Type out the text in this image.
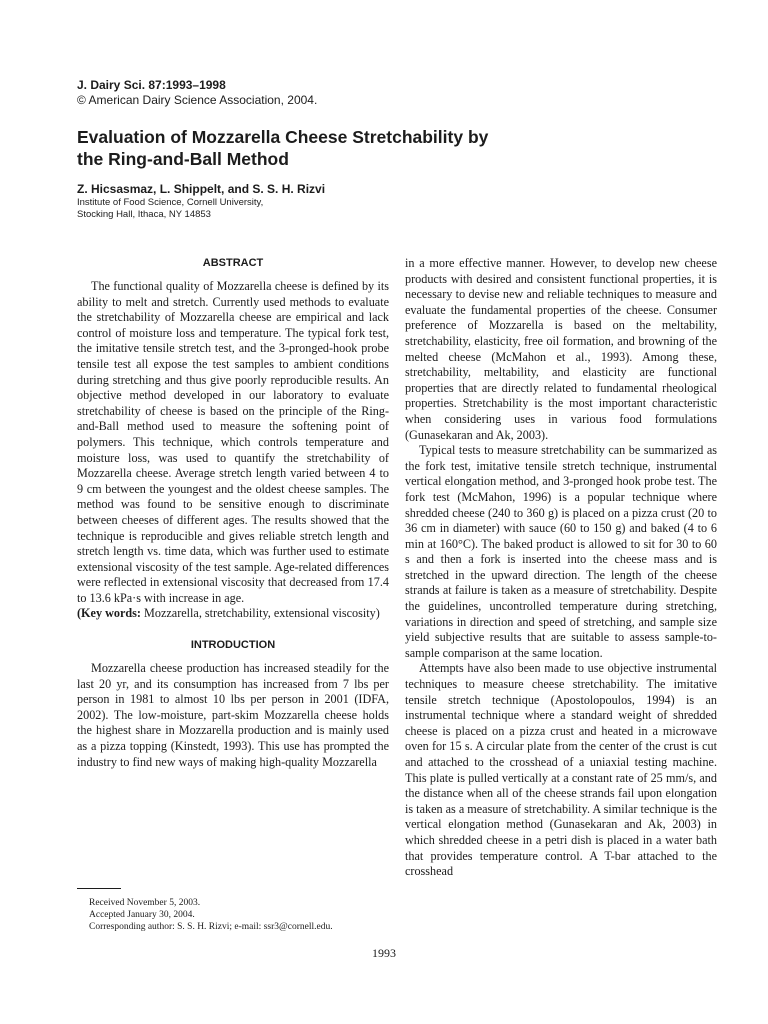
J. Dairy Sci. 87:1993–1998
© American Dairy Science Association, 2004.
Evaluation of Mozzarella Cheese Stretchability by the Ring-and-Ball Method
Z. Hicsasmaz, L. Shippelt, and S. S. H. Rizvi
Institute of Food Science, Cornell University,
Stocking Hall, Ithaca, NY 14853
ABSTRACT

The functional quality of Mozzarella cheese is defined by its ability to melt and stretch. Currently used methods to evaluate the stretchability of Mozzarella cheese are empirical and lack control of moisture loss and temperature. The typical fork test, the imitative tensile stretch test, and the 3-pronged-hook probe tensile test all expose the test samples to ambient conditions during stretching and thus give poorly reproducible results. An objective method developed in our laboratory to evaluate stretchability of cheese is based on the principle of the Ring-and-Ball method used to measure the softening point of polymers. This technique, which controls temperature and moisture loss, was used to quantify the stretchability of Mozzarella cheese. Average stretch length varied between 4 to 9 cm between the youngest and the oldest cheese samples. The method was found to be sensitive enough to discriminate between cheeses of different ages. The results showed that the technique is reproducible and gives reliable stretch length and stretch length vs. time data, which was further used to estimate extensional viscosity of the test sample. Age-related differences were reflected in extensional viscosity that decreased from 17.4 to 13.6 kPa·s with increase in age.

(Key words: Mozzarella, stretchability, extensional viscosity)

INTRODUCTION

Mozzarella cheese production has increased steadily for the last 20 yr, and its consumption has increased from 7 lbs per person in 1981 to almost 10 lbs per person in 2001 (IDFA, 2002). The low-moisture, part-skim Mozzarella cheese holds the highest share in Mozzarella production and is mainly used as a pizza topping (Kinstedt, 1993). This use has prompted the industry to find new ways of making high-quality Mozzarella

in a more effective manner. However, to develop new cheese products with desired and consistent functional properties, it is necessary to devise new and reliable techniques to measure and evaluate the fundamental properties of the cheese. Consumer preference of Mozzarella is based on the meltability, stretchability, elasticity, free oil formation, and browning of the melted cheese (McMahon et al., 1993). Among these, stretchability, meltability, and elasticity are functional properties that are directly related to fundamental rheological properties. Stretchability is the most important characteristic when considering uses in various food formulations (Gunasekaran and Ak, 2003).

Typical tests to measure stretchability can be summarized as the fork test, imitative tensile stretch technique, instrumental vertical elongation method, and 3-pronged hook probe test. The fork test (McMahon, 1996) is a popular technique where shredded cheese (240 to 360 g) is placed on a pizza crust (20 to 36 cm in diameter) with sauce (60 to 150 g) and baked (4 to 6 min at 160°C). The baked product is allowed to sit for 30 to 60 s and then a fork is inserted into the cheese mass and is stretched in the upward direction. The length of the cheese strands at failure is taken as a measure of stretchability. Despite the guidelines, uncontrolled temperature during stretching, variations in direction and speed of stretching, and sample size yield subjective results that are suitable to assess sample-to-sample comparison at the same location.

Attempts have also been made to use objective instrumental techniques to measure cheese stretchability. The imitative tensile stretch technique (Apostolopoulos, 1994) is an instrumental technique where a standard weight of shredded cheese is placed on a pizza crust and heated in a microwave oven for 15 s. A circular plate from the center of the crust is cut and attached to the crosshead of a uniaxial testing machine. This plate is pulled vertically at a constant rate of 25 mm/s, and the distance when all of the cheese strands fail upon elongation is taken as a measure of stretchability. A similar technique is the vertical elongation method (Gunasekaran and Ak, 2003) in which shredded cheese in a petri dish is placed in a water bath that provides temperature control. A T-bar attached to the crosshead

Received November 5, 2003.
Accepted January 30, 2004.
Corresponding author: S. S. H. Rizvi; e-mail: ssr3@cornell.edu.
1993
